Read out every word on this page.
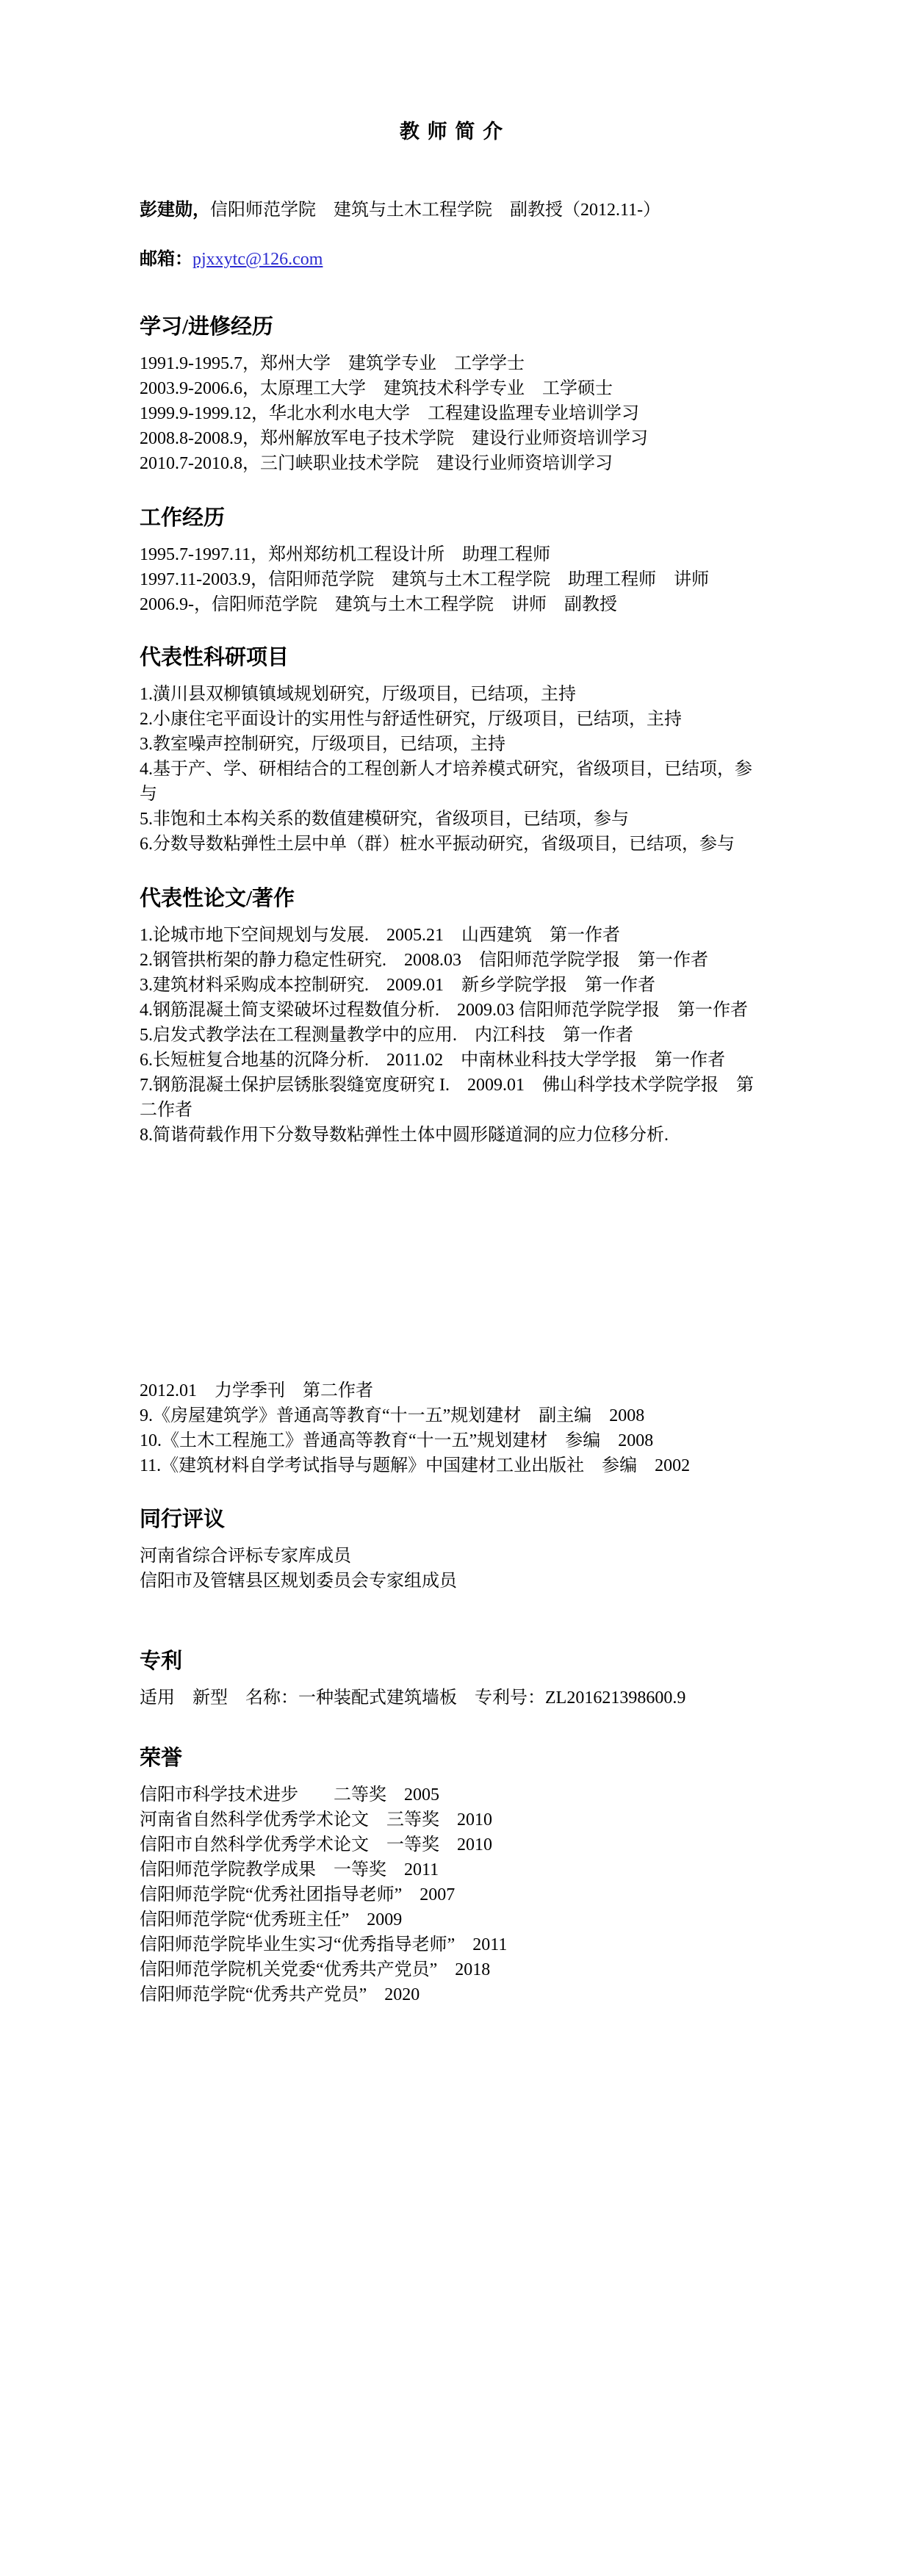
教 师 简 介
彭建勋，信阳师范学院　建筑与土木工程学院　副教授（2012.11-）
邮箱：pjxxytc@126.com
学习/进修经历
1991.9-1995.7，郑州大学　建筑学专业　工学学士
2003.9-2006.6，太原理工大学　建筑技术科学专业　工学硕士
1999.9-1999.12，华北水利水电大学　工程建设监理专业培训学习
2008.8-2008.9，郑州解放军电子技术学院　建设行业师资培训学习
2010.7-2010.8，三门峡职业技术学院　建设行业师资培训学习
工作经历
1995.7-1997.11，郑州郑纺机工程设计所　助理工程师
1997.11-2003.9，信阳师范学院　建筑与土木工程学院　助理工程师　讲师
2006.9-，信阳师范学院　建筑与土木工程学院　讲师　副教授
代表性科研项目
1.潢川县双柳镇镇域规划研究，厅级项目，已结项，主持
2.小康住宅平面设计的实用性与舒适性研究，厅级项目，已结项，主持
3.教室噪声控制研究，厅级项目，已结项，主持
4.基于产、学、研相结合的工程创新人才培养模式研究，省级项目，已结项，参与
5.非饱和土本构关系的数值建模研究，省级项目，已结项，参与
6.分数导数粘弹性土层中单（群）桩水平振动研究，省级项目，已结项，参与
代表性论文/著作
1.论城市地下空间规划与发展.　2005.21　山西建筑　第一作者
2.钢管拱桁架的静力稳定性研究.　2008.03　信阳师范学院学报　第一作者
3.建筑材料采购成本控制研究.　2009.01　新乡学院学报　第一作者
4.钢筋混凝土简支梁破坏过程数值分析.　2009.03 信阳师范学院学报　第一作者
5.启发式教学法在工程测量教学中的应用.　内江科技　第一作者
6.长短桩复合地基的沉降分析.　2011.02　中南林业科技大学学报　第一作者
7.钢筋混凝土保护层锈胀裂缝宽度研究 I.　2009.01　佛山科学技术学院学报　第二作者
8.简谐荷载作用下分数导数粘弹性土体中圆形隧道洞的应力位移分析.
2012.01　力学季刊　第二作者
9.《房屋建筑学》普通高等教育“十一五”规划建材　副主编　2008
10.《土木工程施工》普通高等教育“十一五”规划建材　参编　2008
11.《建筑材料自学考试指导与题解》中国建材工业出版社　参编　2002
同行评议
河南省综合评标专家库成员
信阳市及管辖县区规划委员会专家组成员
专利
适用　新型　名称：一种装配式建筑墙板　专利号：ZL201621398600.9
荣誉
信阳市科学技术进步　　二等奖　2005
河南省自然科学优秀学术论文　三等奖　2010
信阳市自然科学优秀学术论文　一等奖　2010
信阳师范学院教学成果　一等奖　2011
信阳师范学院“优秀社团指导老师”　2007
信阳师范学院“优秀班主任”　2009
信阳师范学院毕业生实习“优秀指导老师”　2011
信阳师范学院机关党委“优秀共产党员”　2018
信阳师范学院“优秀共产党员”　2020
